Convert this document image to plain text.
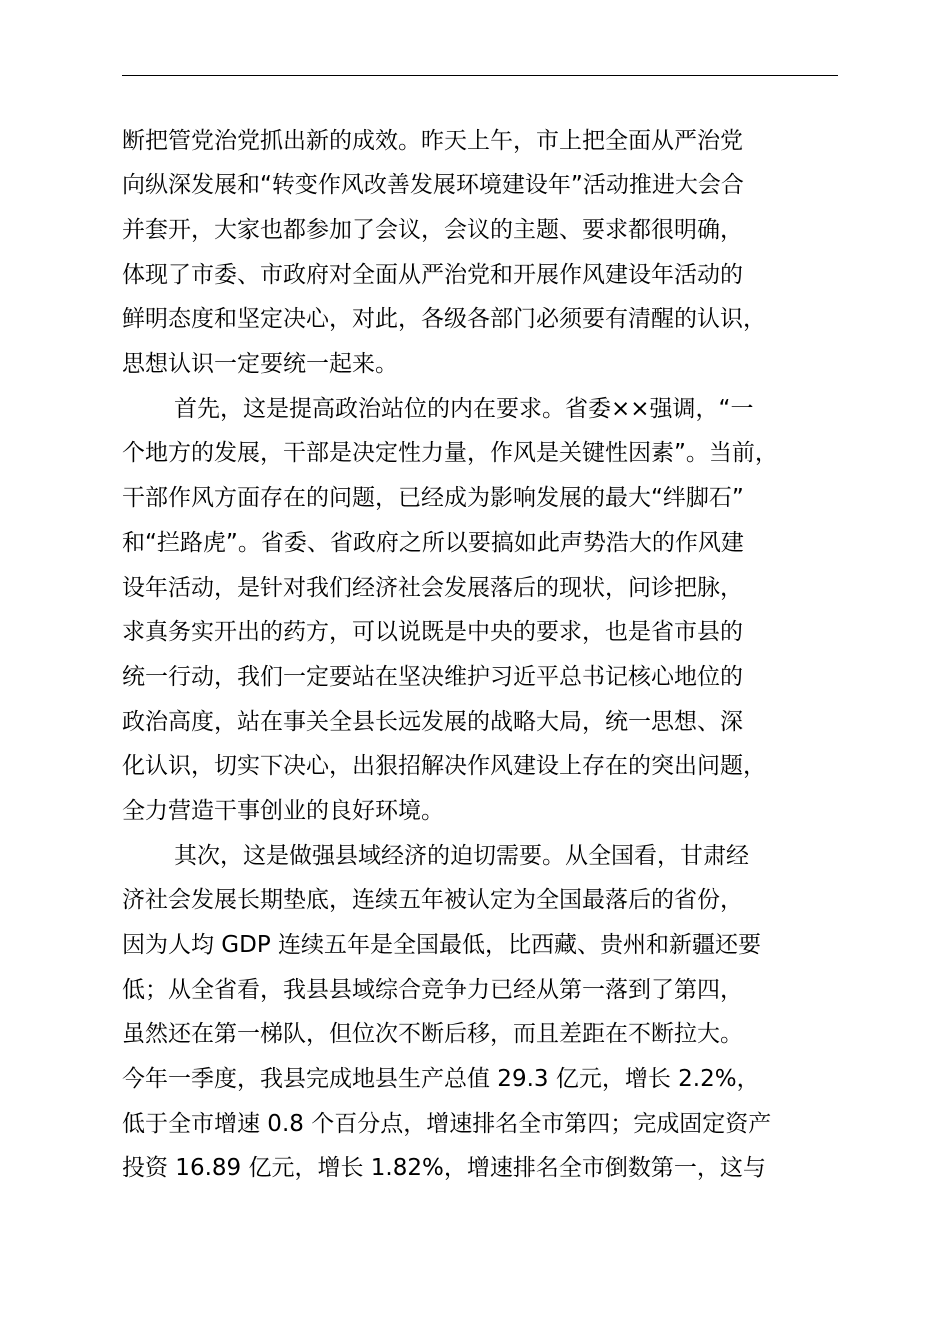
断把管党治党抓出新的成效。昨天上午，市上把全面从严治党
向纵深发展和“转变作风改善发展环境建设年”活动推进大会合
并套开，大家也都参加了会议，会议的主题、要求都很明确，
体现了市委、市政府对全面从严治党和开展作风建设年活动的
鲜明态度和坚定决心，对此，各级各部门必须要有清醒的认识，
思想认识一定要统一起来。
首先，这是提高政治站位的内在要求。省委××强调，“一
个地方的发展，干部是决定性力量，作风是关键性因素”。当前，
干部作风方面存在的问题，已经成为影响发展的最大“绊脚石”
和“拦路虎”。省委、省政府之所以要搞如此声势浩大的作风建
设年活动，是针对我们经济社会发展落后的现状，问诊把脉，
求真务实开出的药方，可以说既是中央的要求，也是省市县的
统一行动，我们一定要站在坚决维护习近平总书记核心地位的
政治高度，站在事关全县长远发展的战略大局，统一思想、深
化认识，切实下决心，出狠招解决作风建设上存在的突出问题，
全力营造干事创业的良好环境。
其次，这是做强县域经济的迫切需要。从全国看，甘肃经
济社会发展长期垫底，连续五年被认定为全国最落后的省份，
因为人均 GDP 连续五年是全国最低，比西藏、贵州和新疆还要
低；从全省看，我县县域综合竞争力已经从第一落到了第四，
虽然还在第一梯队，但位次不断后移，而且差距在不断拉大。
今年一季度，我县完成地县生产总值 29.3 亿元，增长 2.2%，
低于全市增速 0.8 个百分点，增速排名全市第四；完成固定资产
投资 16.89 亿元，增长 1.82%，增速排名全市倒数第一，这与
